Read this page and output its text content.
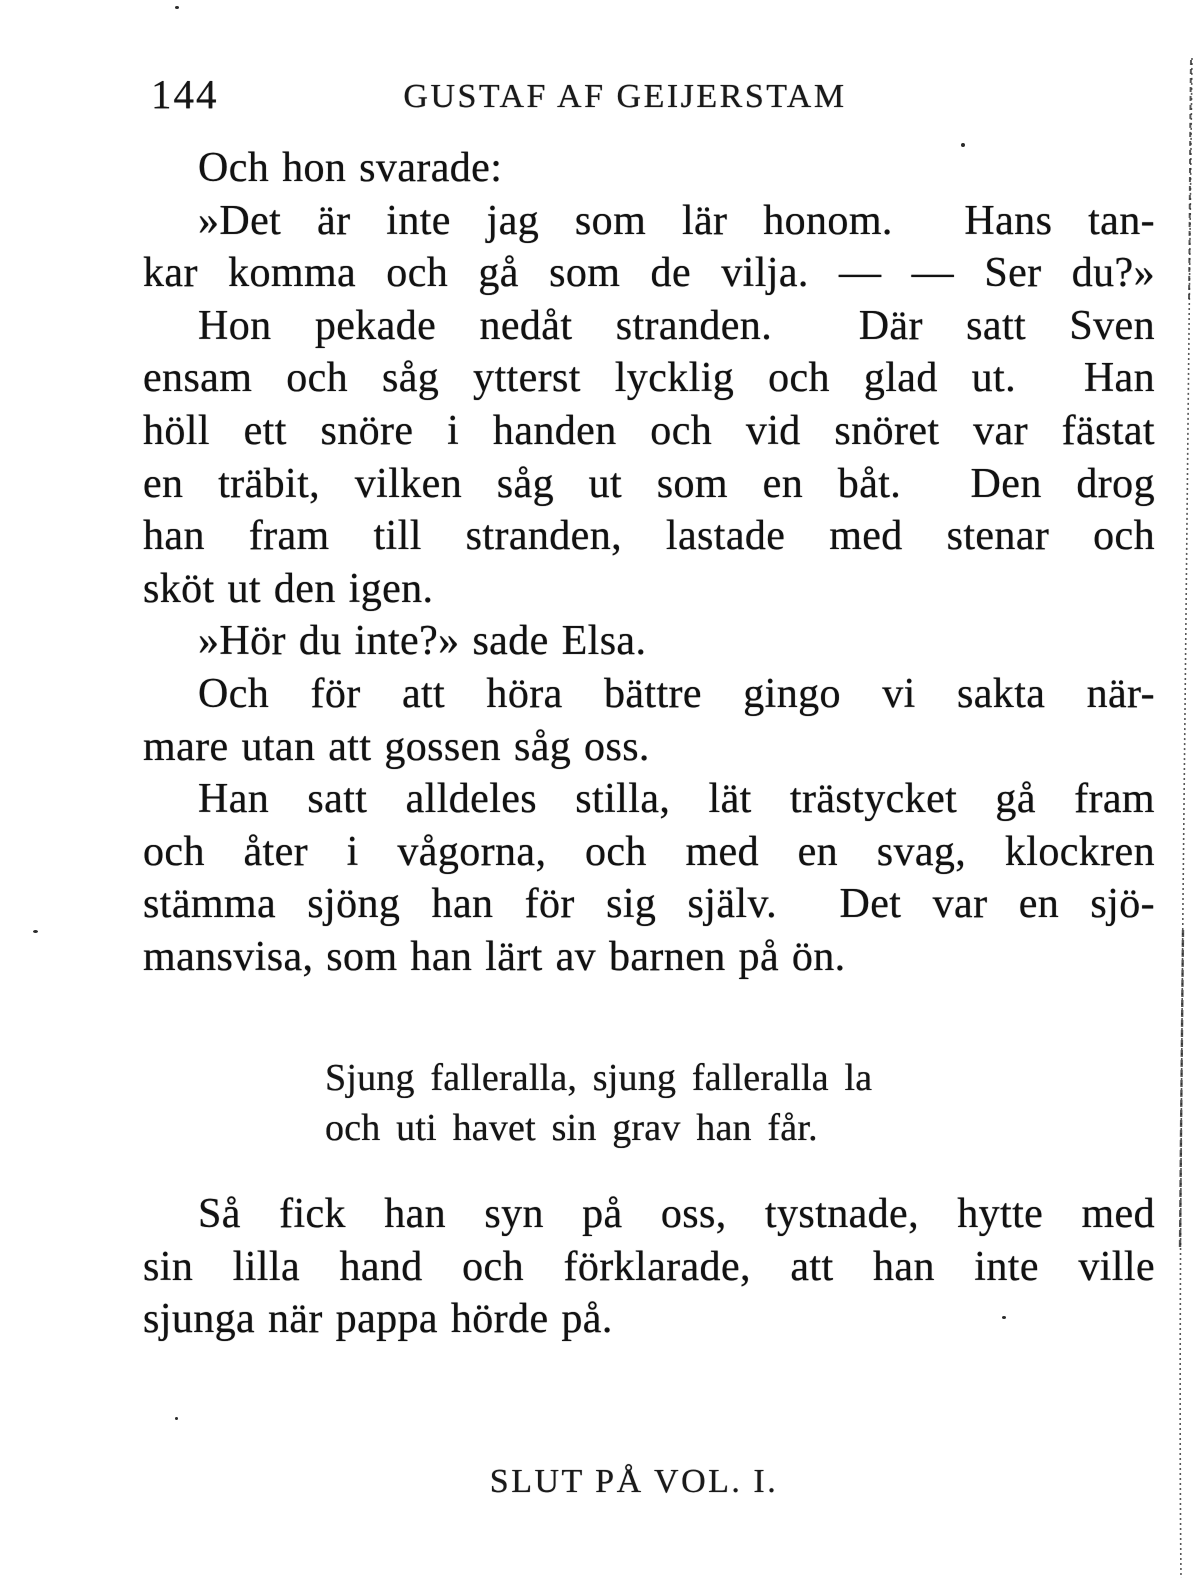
144	GUSTAF AF GEIJERSTAM
Och hon svarade:
»Det är inte jag som lär honom.  Hans tan-
kar komma och gå som de vilja. — — Ser du?»
Hon pekade nedåt stranden.  Där satt Sven
ensam och såg ytterst lycklig och glad ut.  Han
höll ett snöre i handen och vid snöret var fästat
en träbit, vilken såg ut som en båt.  Den drog
han fram till stranden, lastade med stenar och
sköt ut den igen.
»Hör du inte?» sade Elsa.
Och för att höra bättre gingo vi sakta när-
mare utan att gossen såg oss.
Han satt alldeles stilla, lät trästycket gå fram
och åter i vågorna, och med en svag, klockren
stämma sjöng han för sig själv.  Det var en sjö-
mansvisa, som han lärt av barnen på ön.
Sjung falleralla, sjung falleralla la
och uti havet sin grav han får.
Så fick han syn på oss, tystnade, hytte med
sin lilla hand och förklarade, att han inte ville
sjunga när pappa hörde på.
SLUT PÅ VOL. I.
